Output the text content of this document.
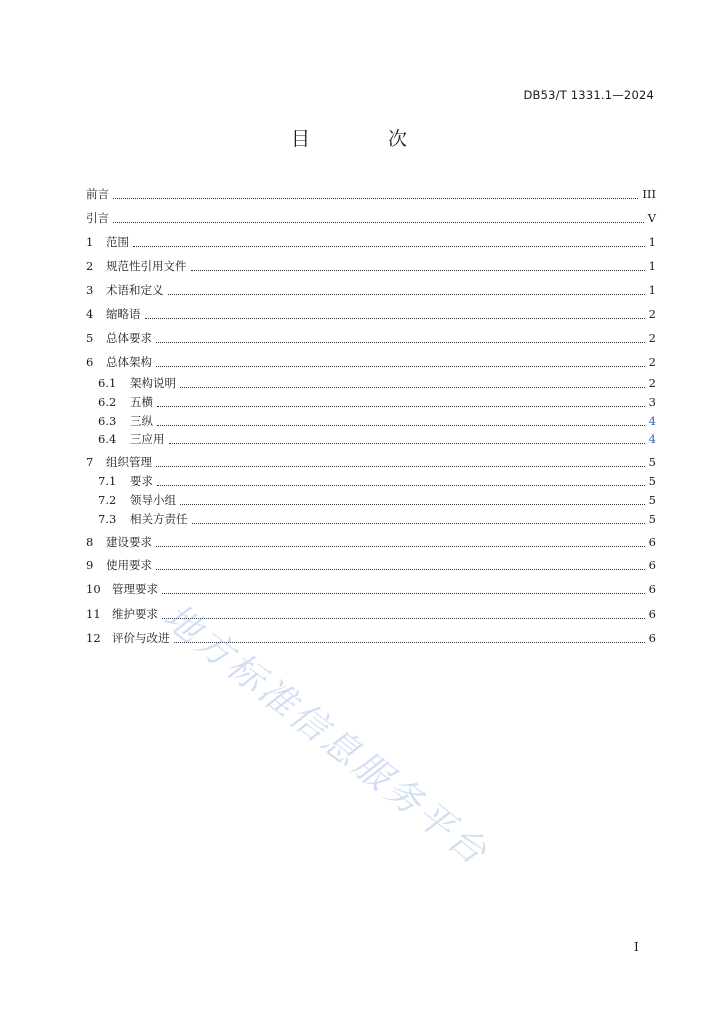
DB53/T 1331.1—2024
目 次
前言	III
引言	V
1	范围	1
2	规范性引用文件	1
3	术语和定义	1
4	缩略语	2
5	总体要求	2
6	总体架构	2
6.1	架构说明	2
6.2	五横	3
6.3	三纵	4
6.4	三应用	4
7	组织管理	5
7.1	要求	5
7.2	领导小组	5
7.3	相关方责任	5
8	建设要求	6
9	使用要求	6
10 管理要求	6
11 维护要求	6
12 评价与改进	6
地方标准信息服务平台
I
